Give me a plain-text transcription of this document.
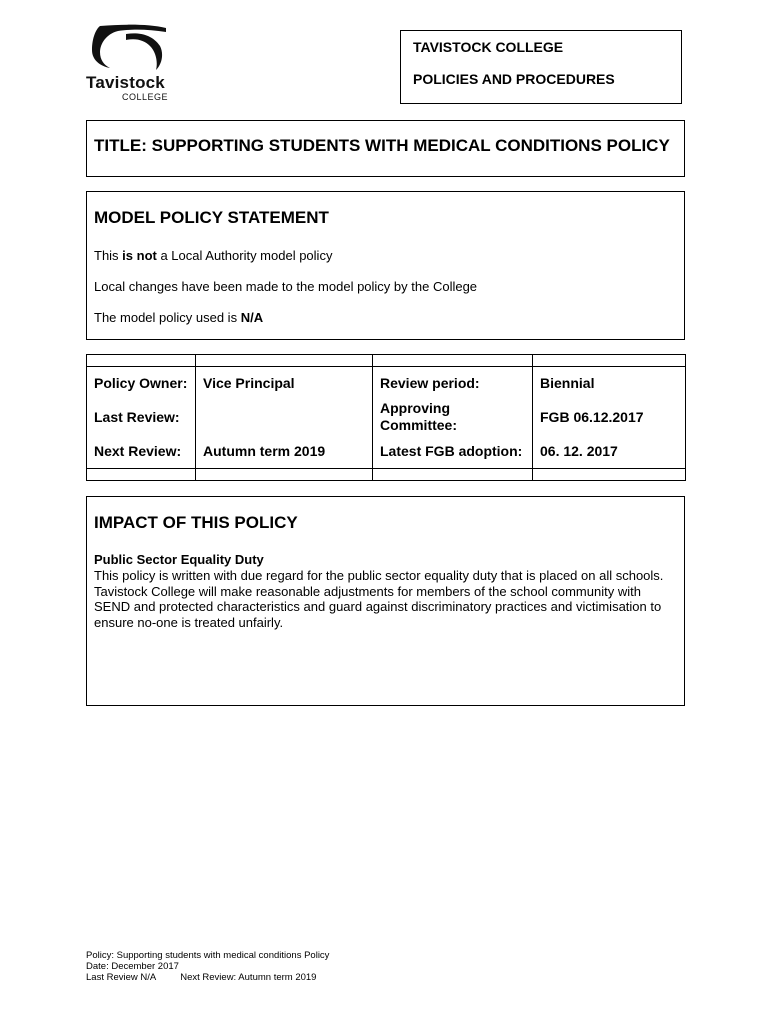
Tavistock
COLLEGE
TAVISTOCK COLLEGE
POLICIES AND PROCEDURES
TITLE: SUPPORTING STUDENTS WITH MEDICAL CONDITIONS POLICY
MODEL POLICY STATEMENT
This is not a Local Authority model policy
Local changes have been made to the model policy by the College
The model policy used is N/A

Policy Owner:	Vice Principal	Review period:	Biennial
Last Review:		Approving Committee:	FGB 06.12.2017
Next Review:	Autumn term 2019	Latest FGB adoption:	06. 12. 2017

IMPACT OF THIS POLICY
Public Sector Equality Duty
This policy is written with due regard for the public sector equality duty that is placed on all schools. Tavistock College will make reasonable adjustments for members of the school community with SEND and protected characteristics and guard against discriminatory practices and victimisation to ensure no-one is treated unfairly.
Policy: Supporting students with medical conditions Policy
Date: December 2017
Last Review N/A	Next Review: Autumn term 2019
